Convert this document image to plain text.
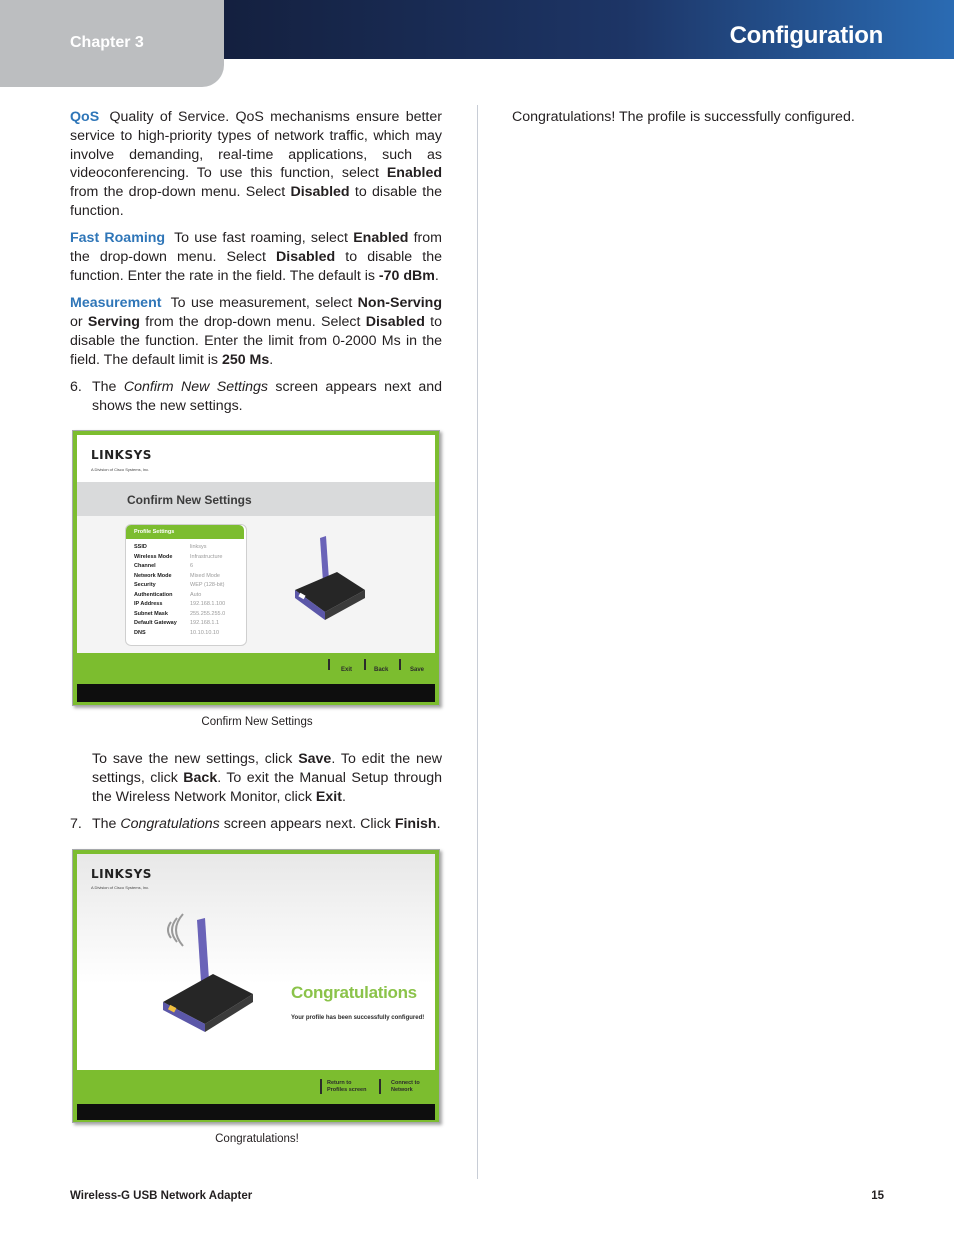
Chapter 3	Configuration

QoS Quality of Service. QoS mechanisms ensure better service to high-priority types of network traffic, which may involve demanding, real-time applications, such as videoconferencing. To use this function, select Enabled from the drop-down menu. Select Disabled to disable the function.

Fast Roaming To use fast roaming, select Enabled from the drop-down menu. Select Disabled to disable the function. Enter the rate in the field. The default is -70 dBm.

Measurement To use measurement, select Non-Serving or Serving from the drop-down menu. Select Disabled to disable the function. Enter the limit from 0-2000 Ms in the field. The default limit is 250 Ms.

6. The Confirm New Settings screen appears next and shows the new settings.
LINKSYS
A Division of Cisco Systems, Inc.
Confirm New Settings
Profile Settings
SSID	linksys
Wireless Mode	Infrastructure
Channel	6
Network Mode	Mixed Mode
Security	WEP (128-bit)
Authentication	Auto
IP Address	192.168.1.100
Subnet Mask	255.255.255.0
Default Gateway	192.168.1.1
DNS	10.10.10.10
Exit	Back	Save
Confirm New Settings

To save the new settings, click Save. To edit the new settings, click Back. To exit the Manual Setup through the Wireless Network Monitor, click Exit.

7. The Congratulations screen appears next. Click Finish.
LINKSYS
A Division of Cisco Systems, Inc.
Congratulations
Your profile has been successfully configured!
Return to
Profiles screen
Connect to
Network
Congratulations!

Congratulations! The profile is successfully configured.

Wireless-G USB Network Adapter	15
